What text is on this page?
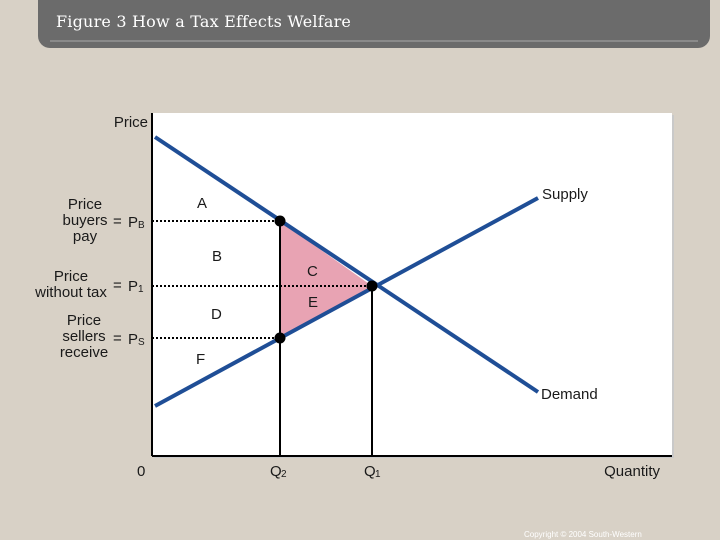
Figure 3 How a Tax Effects Welfare
Supply
Demand
A
B
C
D
E
F
Price
Quantity
0	Q 2	Q 1
Price
buyers
pay
= P B
Price
without tax = P 1
Price
sellers
receive
= P S
Copyright © 2004 South-Western
